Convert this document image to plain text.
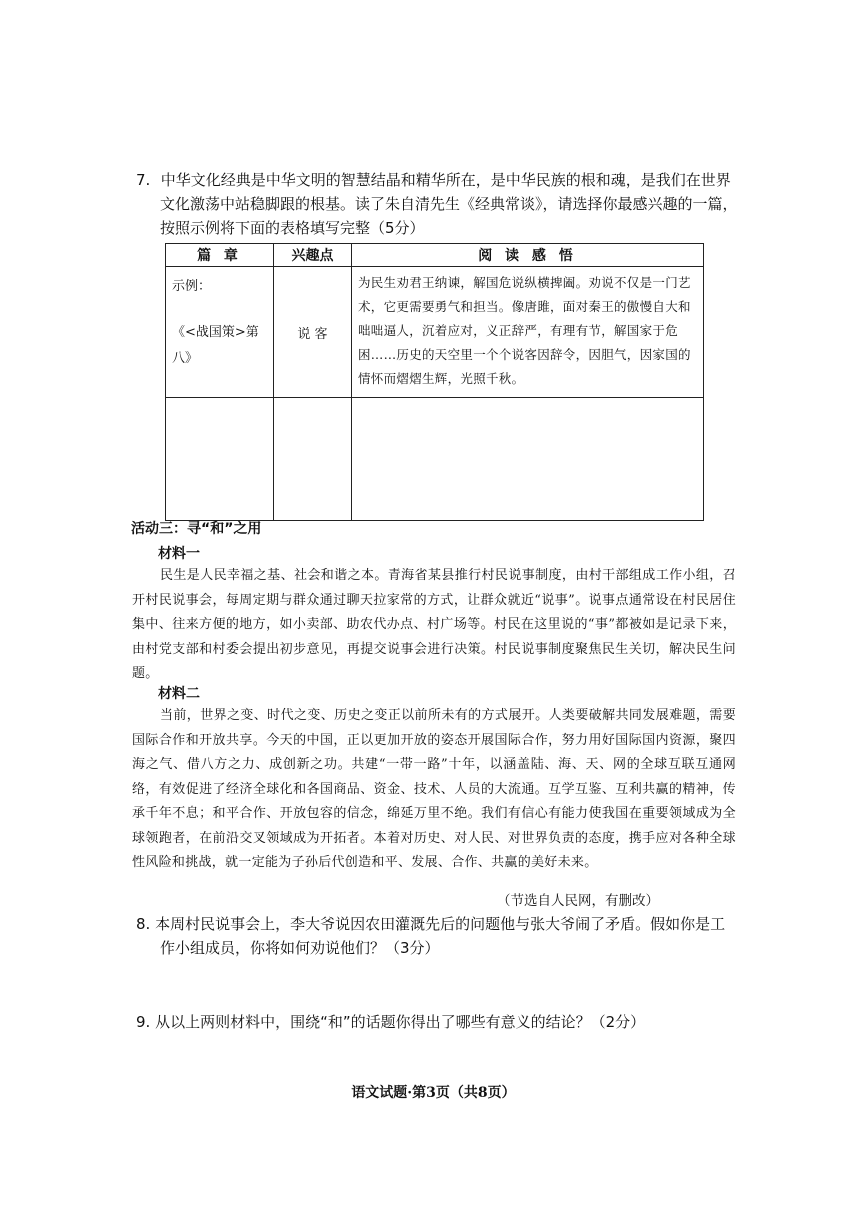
7. 中华文化经典是中华文明的智慧结晶和精华所在，是中华民族的根和魂，是我们在世界
文化激荡中站稳脚跟的根基。读了朱自清先生《经典常谈》，请选择你最感兴趣的一篇，
按照示例将下面的表格填写完整（5分）
篇 章	兴趣点	阅 读 感 悟

示例：
《<战国策>第八》	说 客	为民生劝君王纳谏，解国危说纵横捭阖。劝说不仅是一门艺术，它更需要勇气和担当。像唐雎，面对秦王的傲慢自大和咄咄逼人，沉着应对，义正辞严，有理有节，解国家于危困……历史的天空里一个个说客因辞令，因胆气，因家国的情怀而熠熠生辉，光照千秋。

活动三：寻“和”之用
材料一
民生是人民幸福之基、社会和谐之本。青海省某县推行村民说事制度，由村干部组成工作小组，召开村民说事会，每周定期与群众通过聊天拉家常的方式，让群众就近“说事”。说事点通常设在村民居住集中、往来方便的地方，如小卖部、助农代办点、村广场等。村民在这里说的“事”都被如是记录下来，由村党支部和村委会提出初步意见，再提交说事会进行决策。村民说事制度聚焦民生关切，解决民生问题。
材料二
当前，世界之变、时代之变、历史之变正以前所未有的方式展开。人类要破解共同发展难题，需要国际合作和开放共享。今天的中国，正以更加开放的姿态开展国际合作，努力用好国际国内资源，聚四海之气、借八方之力、成创新之功。共建“一带一路”十年，以涵盖陆、海、天、网的全球互联互通网络，有效促进了经济全球化和各国商品、资金、技术、人员的大流通。互学互鉴、互利共赢的精神，传承千年不息；和平合作、开放包容的信念，绵延万里不绝。我们有信心有能力使我国在重要领域成为全球领跑者，在前沿交叉领域成为开拓者。本着对历史、对人民、对世界负责的态度，携手应对各种全球性风险和挑战，就一定能为子孙后代创造和平、发展、合作、共赢的美好未来。
（节选自人民网，有删改）
8. 本周村民说事会上，李大爷说因农田灌溉先后的问题他与张大爷闹了矛盾。假如你是工
作小组成员，你将如何劝说他们？（3分）
9. 从以上两则材料中，围绕“和”的话题你得出了哪些有意义的结论？（2分）
语文试题·第3页（共8页）
